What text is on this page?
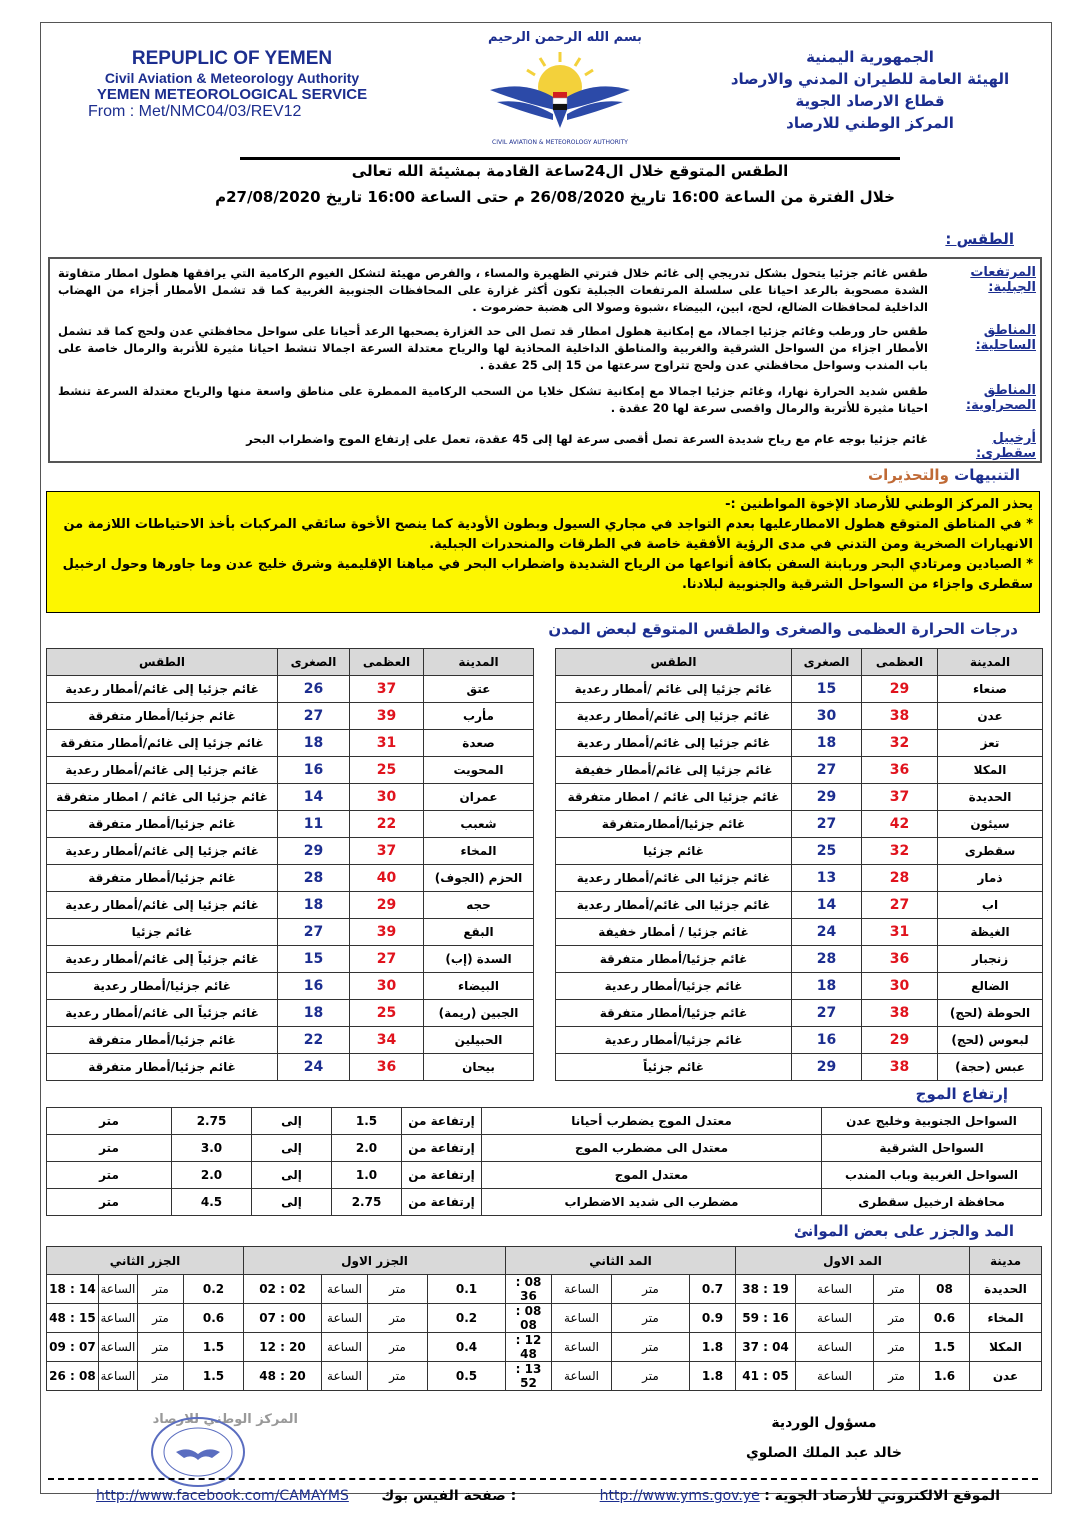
REPUPLIC OF YEMEN
Civil Aviation & Meteorology Authority
YEMEN METEOROLOGICAL SERVICE
From : Met/NMC04/03/REV12
بسم الله الرحمن الرحيم
CIVIL AVIATION & METEOROLOGY AUTHORITY
الجمهورية اليمنية
الهيئة العامة للطيران المدني والارصاد
قطاع الارصاد الجوية
المركز الوطني للارصاد
الطقس المتوقع خلال ال24ساعة القادمة بمشيئة الله تعالى
خلال الفترة من الساعة 16:00 تاريخ 26/08/2020 م حتى الساعة 16:00 تاريخ 27/08/2020م
الطقس :
المرتفعات الجبلية:
طقس غائم جزئيا يتحول بشكل تدريجي إلى غائم خلال فترتي الظهيرة والمساء ، والفرص مهيئة لتشكل الغيوم الركامية التي يرافقها هطول امطار متفاوتة الشدة مصحوبة بالرعد احيانا على سلسلة المرتفعات الجبلية تكون أكثر غزارة على المحافظات الجنوبية الغربية كما قد تشمل الأمطار أجزاء من الهضاب الداخلية لمحافظات الضالع، لحج، ابين، البيضاء ،شبوة وصولا الى هضبة حضرموت .
المناطق الساحلية:
طقس حار ورطب وغائم جزئيا اجمالا، مع إمكانية هطول امطار قد تصل الى حد الغزارة يصحبها الرعد أحيانا على سواحل محافظتي عدن ولحج كما قد تشمل الأمطار اجزاء من السواحل الشرقية والغربية والمناطق الداخلية المحاذية لها والرياح معتدلة السرعة اجمالا تنشط احيانا مثيرة للأتربة والرمال خاصة على باب المندب وسواحل محافظتي عدن ولحج تتراوح سرعتها من 15 إلى 25 عقدة .
المناطق الصحراوية:
طقس شديد الحرارة نهارا، وغائم جزئيا اجمالا مع إمكانية تشكل خلايا من السحب الركامية الممطرة على مناطق واسعة منها والرياح معتدلة السرعة تنشط احيانا مثيرة للأتربة والرمال واقصى سرعة لها 20 عقدة .
أرخبيل سقطرى:
غائم جزئيا بوجه عام مع رياح شديدة السرعة تصل أقصى سرعة لها إلى 45 عقدة، تعمل على إرتفاع الموج واضطراب البحر
التنبيهات والتحذيرات
يحذر المركز الوطني للأرصاد الإخوة المواطنين :-
* في المناطق المتوقع هطول الامطارعليها بعدم التواجد في مجاري السيول وبطون الأودية كما ينصح الأخوة سائقي المركبات بأخذ الاحتياطات اللازمة من الانهيارات الصخرية ومن التدني في مدى الرؤية الأفقية خاصة في الطرقات والمنحدرات الجبلية.
* الصيادين ومرتادي البحر وربابنة السفن بكافة أنواعها من الرياح الشديدة واضطراب البحر في مياهنا الإقليمية وشرق خليج عدن وما جاورها وحول ارخبيل سقطرى واجزاء من السواحل الشرقية والجنوبية لبلادنا.
درجات الحرارة العظمى والصغرى والطقس المتوقع لبعض المدن
المدينة	العظمى	الصغرى	الطقس
صنعاء	29	15	غائم جزئيا إلى غائم /أمطار رعدية
عدن	38	30	غائم جزئيا إلى غائم/أمطار رعدية
تعز	32	18	غائم جزئيا إلى غائم/أمطار رعدية
المكلا	36	27	غائم جزئيا إلى غائم/أمطار خفيفة
الحديدة	37	29	غائم جزئيا الى غائم / امطار متفرقة
سيئون	42	27	غائم جزئيا/أمطارمتفرقة
سقطرى	32	25	غائم جزئيا
ذمار	28	13	غائم جزئيا الى غائم/أمطار رعدية
اب	27	14	غائم جزئيا الى غائم/أمطار رعدية
الغيظة	31	24	غائم جزئيا / أمطار خفيفة
زنجبار	36	28	غائم جزئيا/أمطار متفرقة
الضالع	30	18	غائم جزئيا/أمطار رعدية
الحوطة (لحج)	38	27	غائم جزئيا/أمطار متفرقة
لبعوس (لحج)	29	16	غائم جزئيا/أمطار رعدية
عبس (حجة)	38	29	غائم جزئياً
المدينة	العظمى	الصغرى	الطقس
عتق	37	26	غائم جزئيا إلى غائم/أمطار رعدية
مأرب	39	27	غائم جزئيا/أمطار متفرقة
صعدة	31	18	غائم جزئيا إلى غائم/أمطار متفرقة
المحويت	25	16	غائم جزئيا إلى غائم/أمطار رعدية
عمران	30	14	غائم جزئيا الى غائم / امطار متفرقة
شعبب	22	11	غائم جزئيا/أمطار متفرقة
المخاء	37	29	غائم جزئيا إلى غائم/أمطار رعدية
الحزم (الجوف)	40	28	غائم جزئيا/أمطار متفرقة
حجه	29	18	غائم جزئيا إلى غائم/أمطار رعدية
البقع	39	27	غائم جزئيا
السدة (إب)	27	15	غائم جزئياً إلى غائم/أمطار رعدية
البيضاء	30	16	غائم جزئيا/أمطار رعدية
الجبين (ريمة)	25	18	غائم جزئياً الى غائم/أمطار رعدية
الحبيلين	34	22	غائم جزئيا/أمطار متفرقة
بيحان	36	24	غائم جزئيا/أمطار متفرقة
إرتفاع الموج
السواحل الجنوبية وخليج عدن	معتدل الموج يضطرب أحيانا	إرتفاعة من	1.5	إلى	2.75	متر
السواحل الشرقية	معتدل الى مضطرب الموج	إرتفاعة من	2.0	إلى	3.0	متر
السواحل الغربية وباب المندب	معتدل الموج	إرتفاعة من	1.0	إلى	2.0	متر
محافظة ارخبيل سقطرى	مضطرب الى شديد الاضطراب	إرتفاعة من	2.75	إلى	4.5	متر
المد والجزر على بعض الموانئ
مدينة	المد الاول				المد الثاني				الجزر الاول				الجزر الثاني			
الحديدة	08	متر	الساعة	19 : 38	0.7	متر	الساعة	08 : 36	0.1	متر	الساعة	02 : 02	0.2	متر	الساعة	14 : 18
المخاء	0.6	متر	الساعة	16 : 59	0.9	متر	الساعة	08 : 08	0.2	متر	الساعة	00 : 07	0.6	متر	الساعة	15 : 48
المكلا	1.5	متر	الساعة	04 : 37	1.8	متر	الساعة	12 : 48	0.4	متر	الساعة	20 : 12	1.5	متر	الساعة	07 : 09
عدن	1.6	متر	الساعة	05 : 41	1.8	متر	الساعة	13 : 52	0.5	متر	الساعة	20 : 48	1.5	متر	الساعة	08 : 26
مسؤول الوردية
خالد عبد الملك الصلوي
المركز الوطني للارصاد
الموقع الالكتروني للأرصاد الجوية : http://www.yms.gov.ye
http://www.facebook.com/CAMAYMS صفحة الفيس بوك :
